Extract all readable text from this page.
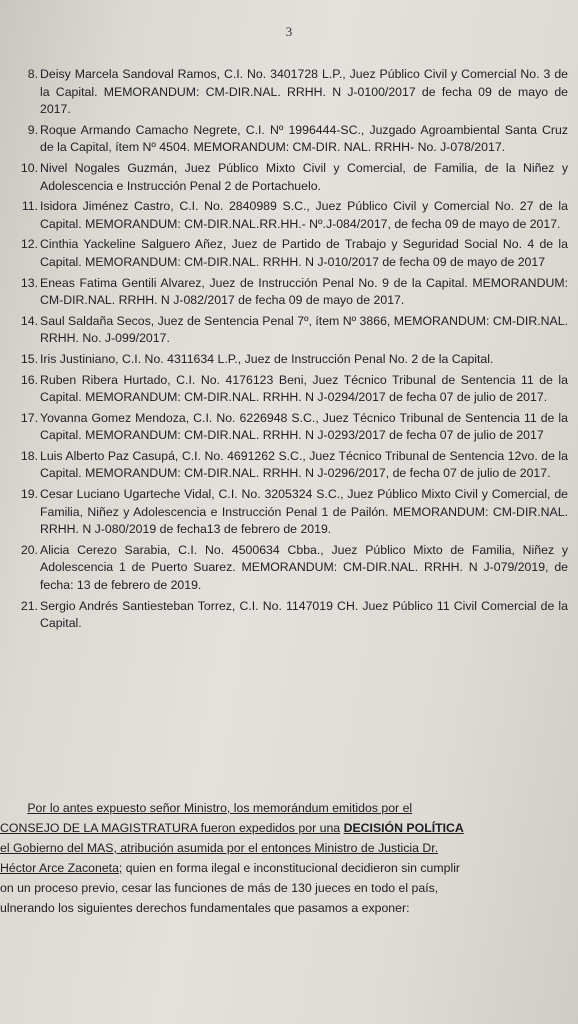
3
8. Deisy Marcela Sandoval Ramos, C.I. No. 3401728 L.P., Juez Público Civil y Comercial No. 3 de la Capital. MEMORANDUM: CM-DIR.NAL. RRHH. N J-0100/2017 de fecha 09 de mayo de 2017.
9. Roque Armando Camacho Negrete, C.I. Nº 1996444-SC., Juzgado Agroambiental Santa Cruz de la Capital, ítem Nº 4504. MEMORANDUM: CM-DIR. NAL. RRHH- No. J-078/2017.
10. Nivel Nogales Guzmán, Juez Público Mixto Civil y Comercial, de Familia, de la Niñez y Adolescencia e Instrucción Penal 2 de Portachuelo.
11. Isidora Jiménez Castro, C.I. No. 2840989 S.C., Juez Público Civil y Comercial No. 27 de la Capital. MEMORANDUM: CM-DIR.NAL.RR.HH.- Nº.J-084/2017, de fecha 09 de mayo de 2017.
12. Cinthia Yackeline Salguero Añez, Juez de Partido de Trabajo y Seguridad Social No. 4 de la Capital. MEMORANDUM: CM-DIR.NAL. RRHH. N J-010/2017 de fecha 09 de mayo de 2017
13. Eneas Fatima Gentili Alvarez, Juez de Instrucción Penal No. 9 de la Capital. MEMORANDUM: CM-DIR.NAL. RRHH. N J-082/2017 de fecha 09 de mayo de 2017.
14. Saul Saldaña Secos, Juez de Sentencia Penal 7º, ítem Nº 3866, MEMORANDUM: CM-DIR.NAL. RRHH. No. J-099/2017.
15. Iris Justiniano, C.I. No. 4311634 L.P., Juez de Instrucción Penal No. 2 de la Capital.
16. Ruben Ribera Hurtado, C.I. No. 4176123 Beni, Juez Técnico Tribunal de Sentencia 11 de la Capital. MEMORANDUM: CM-DIR.NAL. RRHH. N J-0294/2017 de fecha 07 de julio de 2017.
17. Yovanna Gomez Mendoza, C.I. No. 6226948 S.C., Juez Técnico Tribunal de Sentencia 11 de la Capital. MEMORANDUM: CM-DIR.NAL. RRHH. N J-0293/2017 de fecha 07 de julio de 2017
18. Luis Alberto Paz Casupá, C.I. No. 4691262 S.C., Juez Técnico Tribunal de Sentencia 12vo. de la Capital. MEMORANDUM: CM-DIR.NAL. RRHH. N J-0296/2017, de fecha 07 de julio de 2017.
19. Cesar Luciano Ugarteche Vidal, C.I. No. 3205324 S.C., Juez Público Mixto Civil y Comercial, de Familia, Niñez y Adolescencia e Instrucción Penal 1 de Pailón. MEMORANDUM: CM-DIR.NAL. RRHH. N J-080/2019 de fecha13 de febrero de 2019.
20. Alicia Cerezo Sarabia, C.I. No. 4500634 Cbba., Juez Público Mixto de Familia, Niñez y Adolescencia 1 de Puerto Suarez. MEMORANDUM: CM-DIR.NAL. RRHH. N J-079/2019, de fecha: 13 de febrero de 2019.
21. Sergio Andrés Santiesteban Torrez, C.I. No. 1147019 CH. Juez Público 11 Civil Comercial de la Capital.
Por lo antes expuesto señor Ministro, los memorándum emitidos por el
CONSEJO DE LA MAGISTRATURA fueron expedidos por una DECISIÓN POLÍTICA
el Gobierno del MAS, atribución asumida por el entonces Ministro de Justicia Dr.
Héctor Arce Zaconeta; quien en forma ilegal e inconstitucional decidieron sin cumplir
on un proceso previo, cesar las funciones de más de 130 jueces en todo el país,
ulnerando los siguientes derechos fundamentales que pasamos a exponer:
